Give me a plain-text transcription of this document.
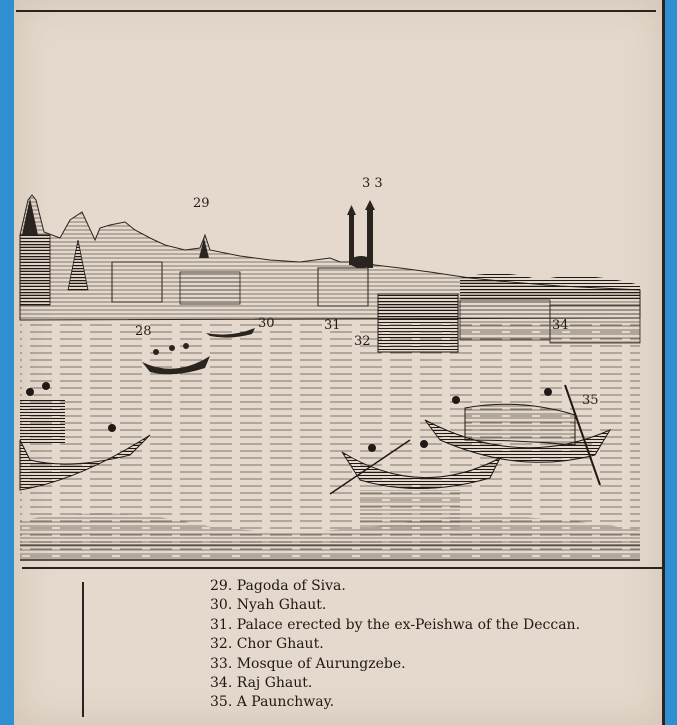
29
3 3
28
30	31
32
34
35
29. Pagoda of Siva.
30. Nyah Ghaut.
31. Palace erected by the ex-Peishwa of the Deccan.
32. Chor Ghaut.
33. Mosque of Aurungzebe.
34. Raj Ghaut.
35. A Paunchway.
